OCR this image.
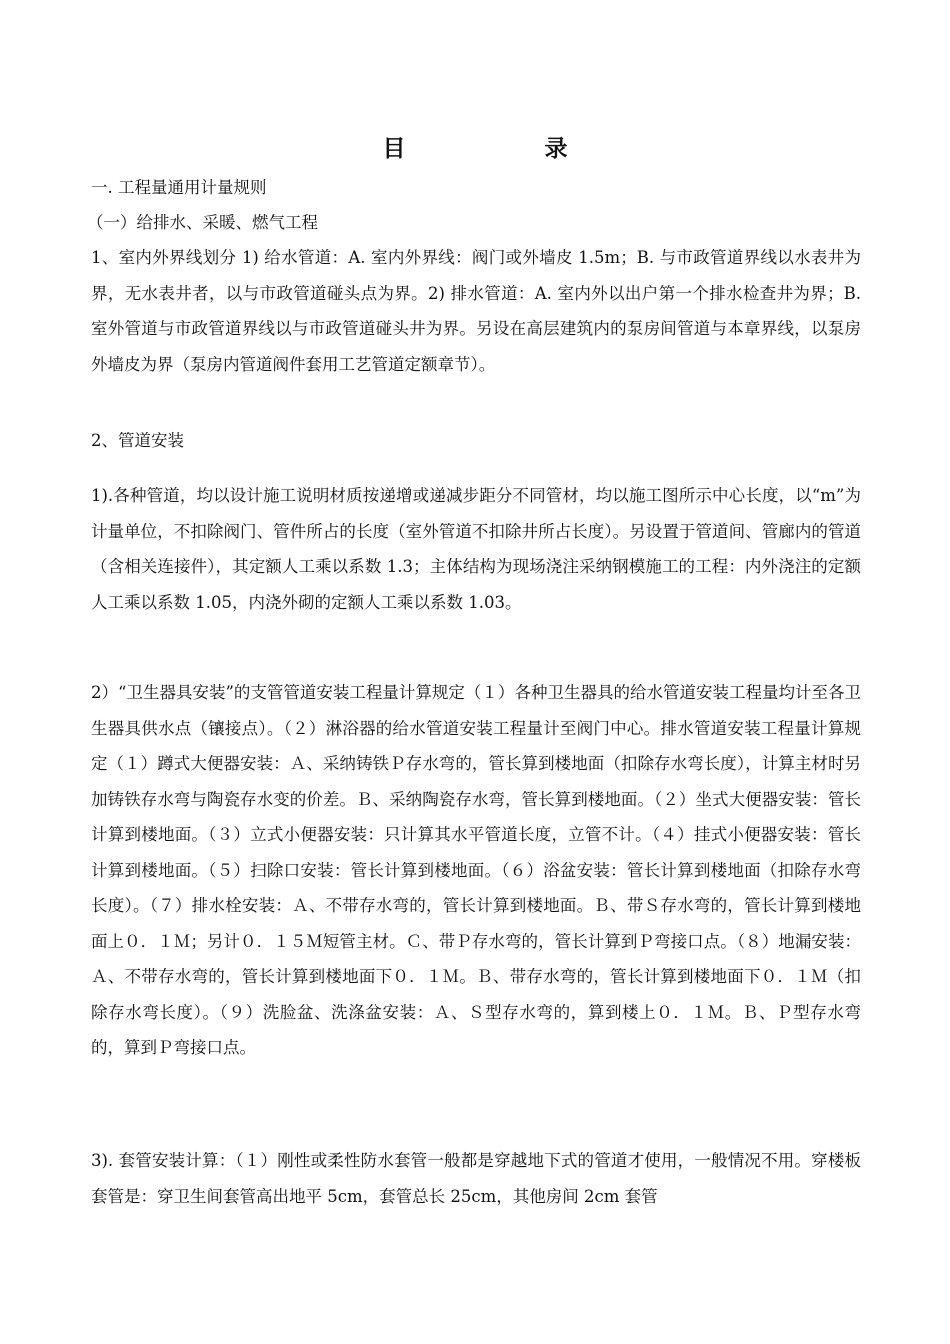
目　录
一. 工程量通用计量规则
（一）给排水、采暖、燃气工程
1、室内外界线划分 1) 给水管道：A. 室内外界线：阀门或外墙皮 1.5m；B. 与市政管道界线以水表井为界，无水表井者，以与市政管道碰头点为界。2) 排水管道：A. 室内外以出户第一个排水检查井为界；B. 室外管道与市政管道界线以与市政管道碰头井为界。另设在高层建筑内的泵房间管道与本章界线，以泵房外墙皮为界（泵房内管道阀件套用工艺管道定额章节）。
2、管道安装
1).各种管道，均以设计施工说明材质按递增或递减步距分不同管材，均以施工图所示中心长度，以“m”为计量单位，不扣除阀门、管件所占的长度（室外管道不扣除井所占长度）。另设置于管道间、管廊内的管道（含相关连接件），其定额人工乘以系数 1.3；主体结构为现场浇注采纳钢模施工的工程：内外浇注的定额人工乘以系数 1.05，内浇外砌的定额人工乘以系数 1.03。
2）“卫生器具安装”的支管管道安装工程量计算规定（１）各种卫生器具的给水管道安装工程量均计至各卫生器具供水点（镶接点）。（２）淋浴器的给水管道安装工程量计至阀门中心。排水管道安装工程量计算规定（１）蹲式大便器安装：Ａ、采纳铸铁Ｐ存水弯的，管长算到楼地面（扣除存水弯长度），计算主材时另加铸铁存水弯与陶瓷存水变的价差。Ｂ、采纳陶瓷存水弯，管长算到楼地面。（２）坐式大便器安装：管长计算到楼地面。（３）立式小便器安装：只计算其水平管道长度，立管不计。（４）挂式小便器安装：管长计算到楼地面。（５）扫除口安装：管长计算到楼地面。（６）浴盆安装：管长计算到楼地面（扣除存水弯长度）。（７）排水栓安装：Ａ、不带存水弯的，管长计算到楼地面。Ｂ、带Ｓ存水弯的，管长计算到楼地面上０．１Ｍ；另计０．１５Ｍ短管主材。Ｃ、带Ｐ存水弯的，管长计算到Ｐ弯接口点。（８）地漏安装：Ａ、不带存水弯的，管长计算到楼地面下０．１Ｍ。Ｂ、带存水弯的，管长计算到楼地面下０．１Ｍ（扣除存水弯长度）。（９）洗脸盆、洗涤盆安装：Ａ、Ｓ型存水弯的，算到楼上０．１Ｍ。Ｂ、Ｐ型存水弯的，算到Ｐ弯接口点。
3). 套管安装计算：（１）刚性或柔性防水套管一般都是穿越地下式的管道才使用，一般情况不用。穿楼板套管是：穿卫生间套管高出地平 5cm，套管总长 25cm，其他房间 2cm 套管
